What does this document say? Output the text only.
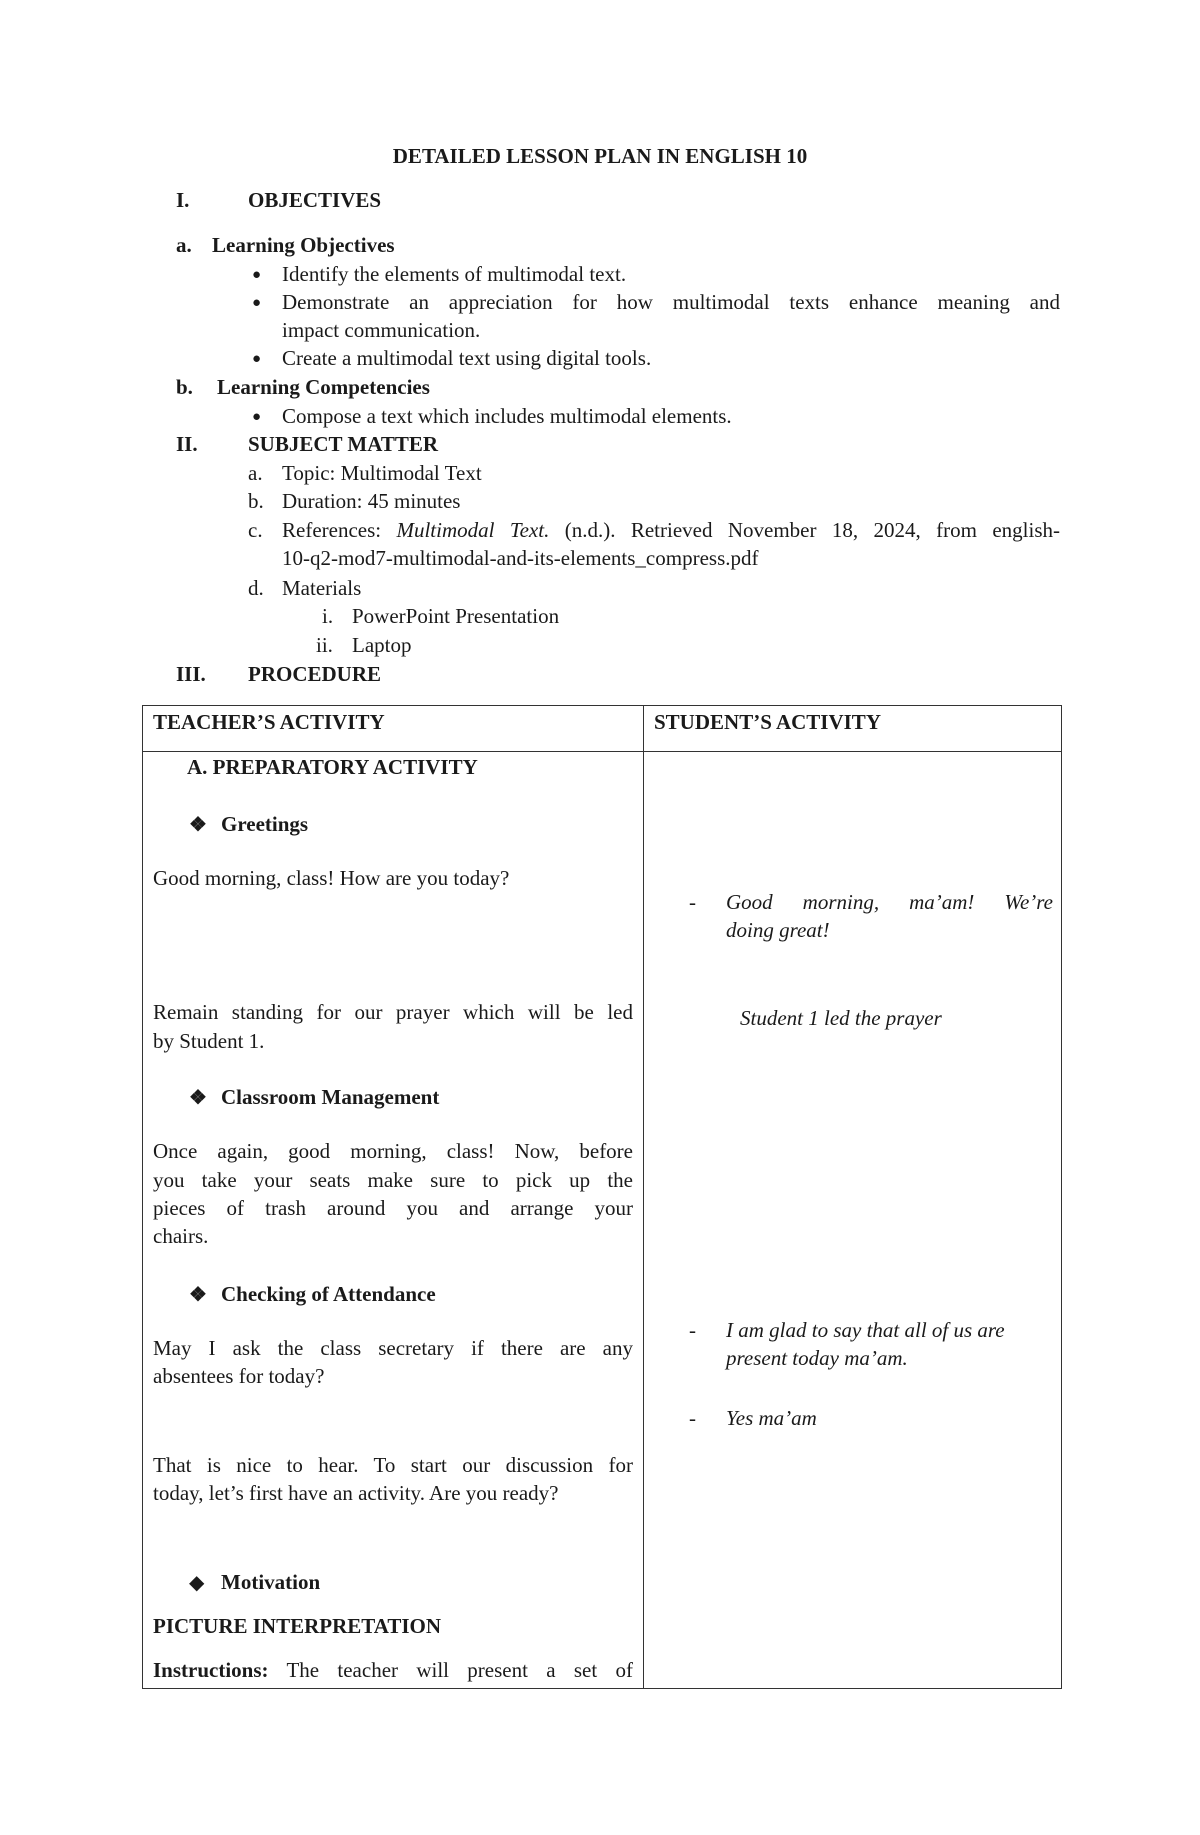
DETAILED LESSON PLAN IN ENGLISH 10
I.	OBJECTIVES
a. Learning Objectives
● Identify the elements of multimodal text.
● Demonstrate an appreciation for how multimodal texts enhance meaning and
impact communication.
● Create a multimodal text using digital tools.
b. Learning Competencies
● Compose a text which includes multimodal elements.
II. SUBJECT MATTER
a. Topic: Multimodal Text
b. Duration: 45 minutes
c. References: Multimodal Text. (n.d.). Retrieved November 18, 2024, from english-
10-q2-mod7-multimodal-and-its-elements_compress.pdf
d. Materials
i. PowerPoint Presentation
ii. Laptop
III. PROCEDURE
TEACHER’S ACTIVITY	STUDENT’S ACTIVITY
A. PREPARATORY ACTIVITY
❖ Greetings
Good morning, class! How are you today?
- Good morning, ma’am! We’re
doing great!
Remain standing for our prayer which will be led
by Student 1.
Student 1 led the prayer
❖ Classroom Management
Once again, good morning, class! Now, before
you take your seats make sure to pick up the
pieces of trash around you and arrange your
chairs.
❖ Checking of Attendance
May I ask the class secretary if there are any
absentees for today?
- I am glad to say that all of us are
present today ma’am.
- Yes ma’am
That is nice to hear. To start our discussion for
today, let’s first have an activity. Are you ready?
◆ Motivation
PICTURE INTERPRETATION
Instructions: The teacher will present a set of
